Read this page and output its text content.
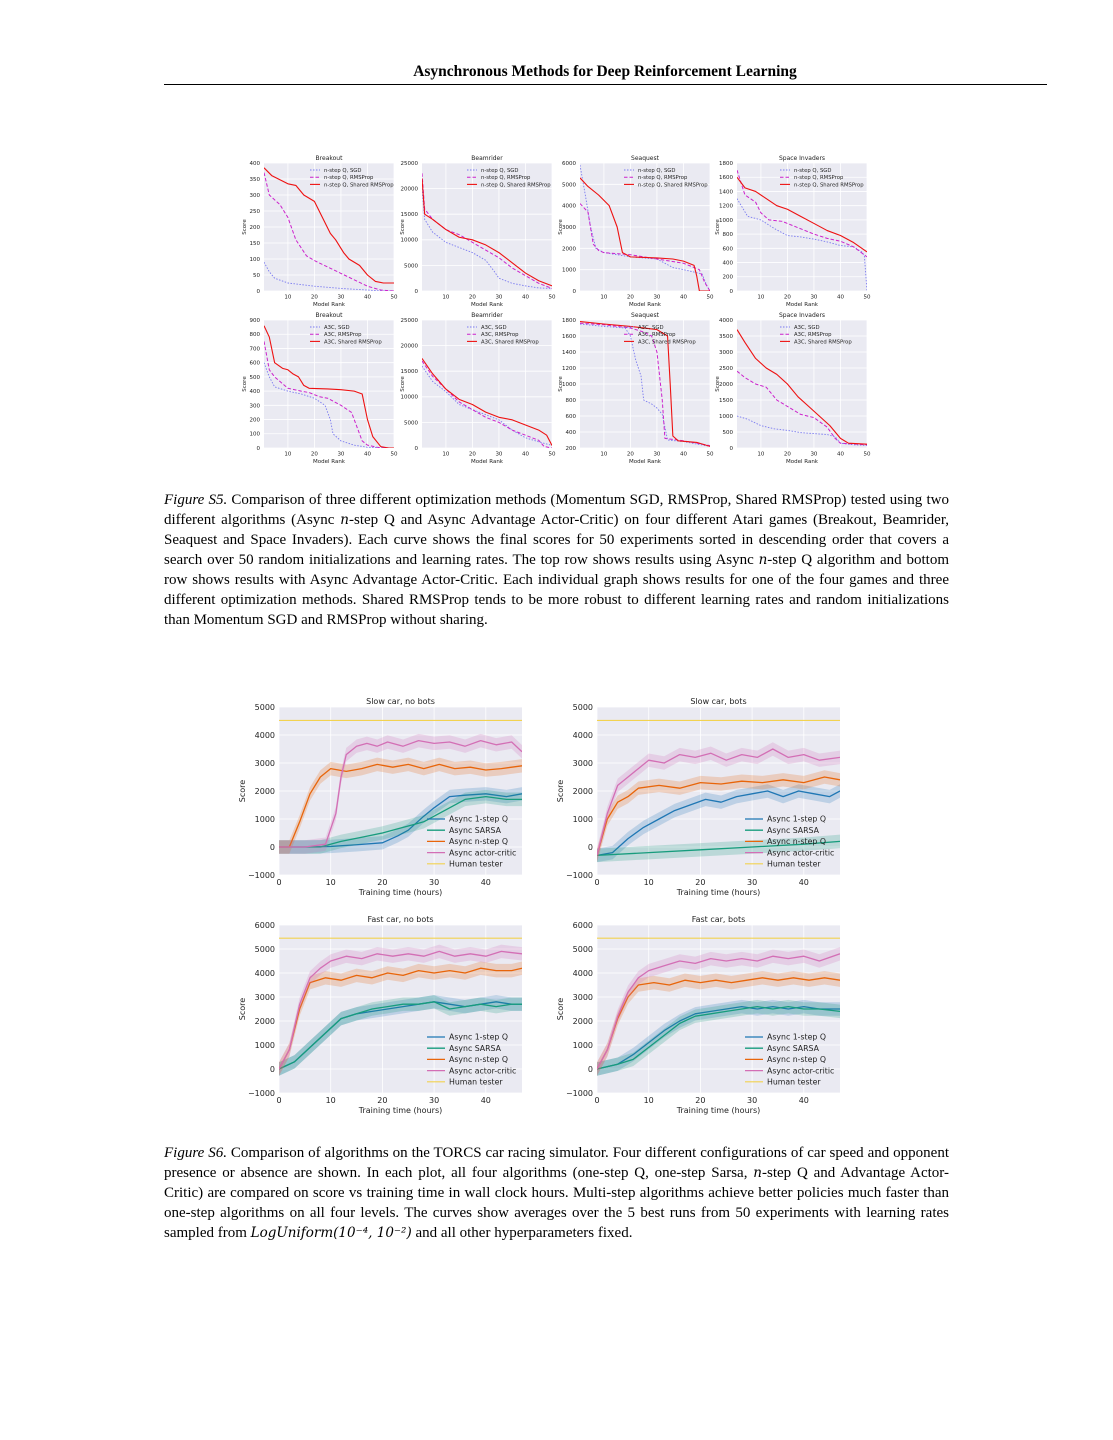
Asynchronous Methods for Deep Reinforcement Learning
0
50
100
150
200
250
300
350
400
10	20	30	40	50
Breakout
Model Rank
Score
n-step Q, SGD
n-step Q, RMSProp
n-step Q, Shared RMSProp
0
5000
10000
15000
20000
25000
10	20	30	40	50
Beamrider
Model Rank
Score
n-step Q, SGD
n-step Q, RMSProp
n-step Q, Shared RMSProp
0
1000
2000
3000
4000
5000
6000
10	20	30	40	50
Seaquest
Model Rank
Score
n-step Q, SGD
n-step Q, RMSProp
n-step Q, Shared RMSProp
0
200
400
600
800
1000
1200
1400
1600
1800
10	20	30	40	50
Space Invaders
Model Rank
Score
n-step Q, SGD
n-step Q, RMSProp
n-step Q, Shared RMSProp
0
100
200
300
400
500
600
700
800
900
10	20	30	40	50
Breakout
Model Rank
Score
A3C, SGD
A3C, RMSProp
A3C, Shared RMSProp
0
5000
10000
15000
20000
25000
10	20	30	40	50
Beamrider
Model Rank
Score
A3C, SGD
A3C, RMSProp
A3C, Shared RMSProp
200
400
600
800
1000
1200
1400
1600
1800
10	20	30	40	50
Seaquest
Model Rank
Score
A3C, SGD
A3C, RMSProp
A3C, Shared RMSProp
0
500
1000
1500
2000
2500
3000
3500
4000
10	20	30	40	50
Space Invaders
Model Rank
Score
A3C, SGD
A3C, RMSProp
A3C, Shared RMSProp
Figure S5. Comparison of three different optimization methods (Momentum SGD, RMSProp, Shared RMSProp) tested using two different algorithms (Async n-step Q and Async Advantage Actor-Critic) on four different Atari games (Breakout, Beamrider, Seaquest and Space Invaders). Each curve shows the final scores for 50 experiments sorted in descending order that covers a search over 50 random initializations and learning rates. The top row shows results using Async n-step Q algorithm and bottom row shows results with Async Advantage Actor-Critic. Each individual graph shows results for one of the four games and three different optimization methods. Shared RMSProp tends to be more robust to different learning rates and random initializations than Momentum SGD and RMSProp without sharing.
−1000
0
1000
2000
3000
4000
5000
0	10	20	30	40
Slow car, no bots
Training time (hours)
Score
Async 1-step Q
Async SARSA
Async n-step Q
Async actor-critic
Human tester
−1000
0
1000
2000
3000
4000
5000
0	10	20	30	40
Slow car, bots
Training time (hours)
Score
Async 1-step Q
Async SARSA
Async n-step Q
Async actor-critic
Human tester
−1000
0
1000
2000
3000
4000
5000
6000
0	10	20	30	40
Fast car, no bots
Training time (hours)
Score
Async 1-step Q
Async SARSA
Async n-step Q
Async actor-critic
Human tester
−1000
0
1000
2000
3000
4000
5000
6000
0	10	20	30	40
Fast car, bots
Training time (hours)
Score
Async 1-step Q
Async SARSA
Async n-step Q
Async actor-critic
Human tester
Figure S6. Comparison of algorithms on the TORCS car racing simulator. Four different configurations of car speed and opponent presence or absence are shown. In each plot, all four algorithms (one-step Q, one-step Sarsa, n-step Q and Advantage Actor-Critic) are compared on score vs training time in wall clock hours. Multi-step algorithms achieve better policies much faster than one-step algorithms on all four levels. The curves show averages over the 5 best runs from 50 experiments with learning rates sampled from LogUniform(10⁻⁴, 10⁻²) and all other hyperparameters fixed.
